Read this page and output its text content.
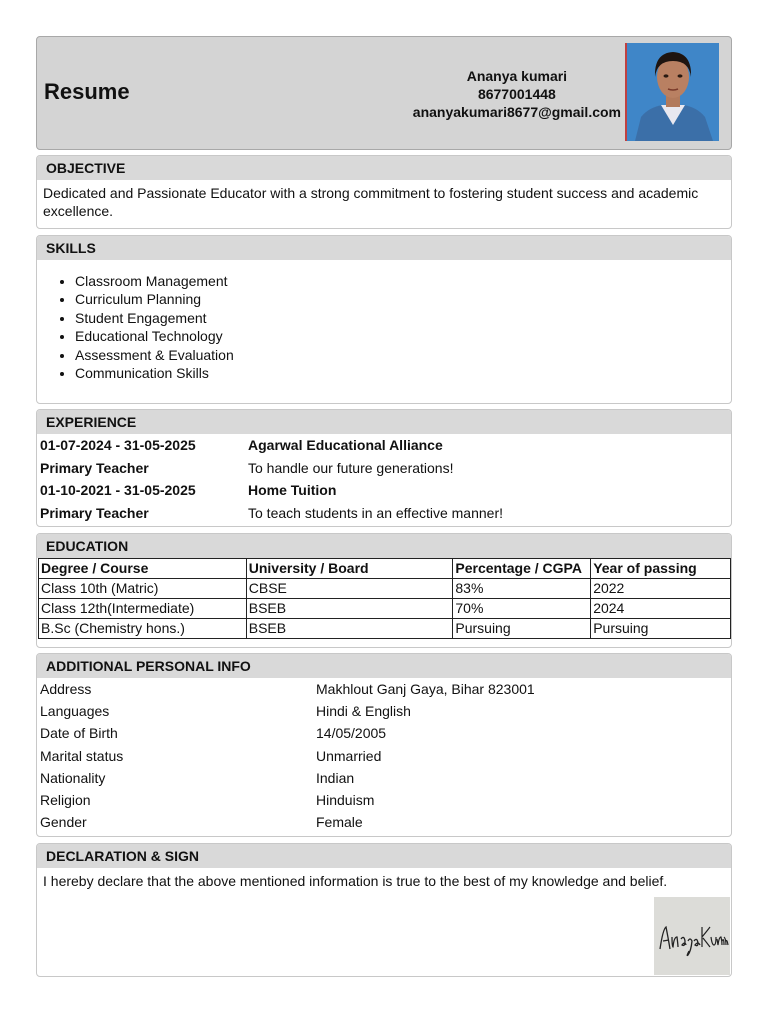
Resume
Ananya kumari
8677001448
ananyakumari8677@gmail.com
OBJECTIVE
Dedicated and Passionate Educator with a strong commitment to fostering student success and academic excellence.
SKILLS
• Classroom Management
• Curriculum Planning
• Student Engagement
• Educational Technology
• Assessment & Evaluation
• Communication Skills
EXPERIENCE
01-07-2024 - 31-05-2025	Agarwal Educational Alliance
Primary Teacher	To handle our future generations!
01-10-2021 - 31-05-2025	Home Tuition
Primary Teacher	To teach students in an effective manner!
EDUCATION
Degree / Course	University / Board	Percentage / CGPA	Year of passing
Class 10th (Matric)	CBSE	83%	2022
Class 12th(Intermediate)	BSEB	70%	2024
B.Sc (Chemistry hons.)	BSEB	Pursuing	Pursuing
ADDITIONAL PERSONAL INFO
Address	Makhlout Ganj Gaya, Bihar 823001
Languages	Hindi & English
Date of Birth	14/05/2005
Marital status	Unmarried
Nationality	Indian
Religion	Hinduism
Gender	Female
DECLARATION & SIGN
I hereby declare that the above mentioned information is true to the best of my knowledge and belief.
